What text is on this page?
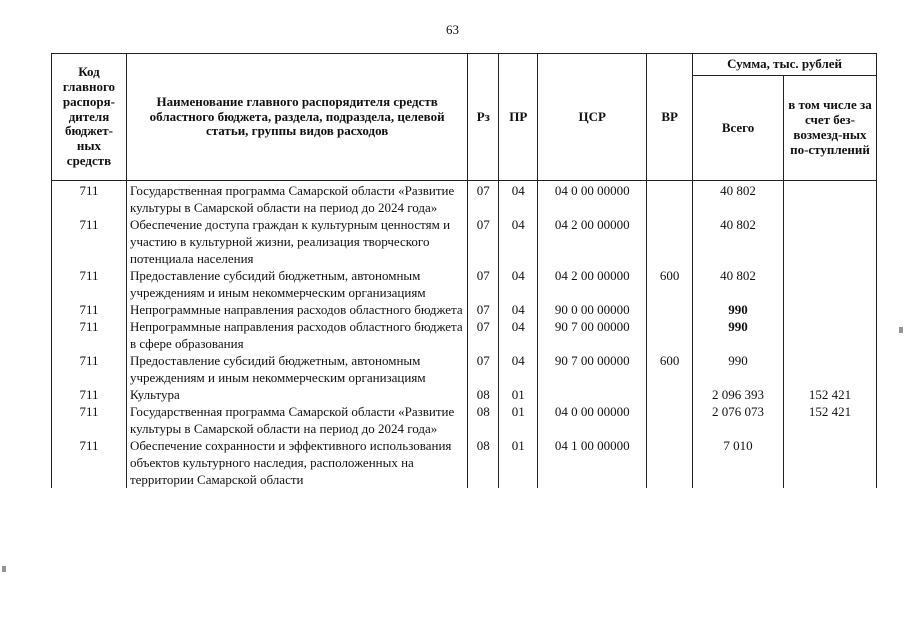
63
Код главного распоря-дителя бюджет-ных средств	Наименование главного распорядителя средств областного бюджета, раздела, подраздела, целевой статьи, группы видов расходов	Рз	ПР	ЦСР	ВР	Сумма, тыс. рублей	
						Всего	в том числе за счет без-возмезд-ных по-ступлений
711	Государственная программа Самарской области «Развитие культуры в Самарской области на период до 2024 года»	07	04	04 0 00 00000		40 802	
711	Обеспечение доступа граждан к культурным ценностям и участию в культурной жизни, реализация творческого потенциала населения	07	04	04 2 00 00000		40 802	
711	Предоставление субсидий бюджетным, автономным учреждениям и иным некоммерческим организациям	07	04	04 2 00 00000	600	40 802	
711	Непрограммные направления расходов областного бюджета	07	04	90 0 00 00000		990	
711	Непрограммные направления расходов областного бюджета в сфере образования	07	04	90 7 00 00000		990	
711	Предоставление субсидий бюджетным, автономным учреждениям и иным некоммерческим организациям	07	04	90 7 00 00000	600	990	
711	Культура	08	01			2 096 393	152 421
711	Государственная программа Самарской области «Развитие культуры в Самарской области на период до 2024 года»	08	01	04 0 00 00000		2 076 073	152 421
711	Обеспечение сохранности и эффективного использования объектов культурного наследия, расположенных на территории Самарской области	08	01	04 1 00 00000		7 010	
